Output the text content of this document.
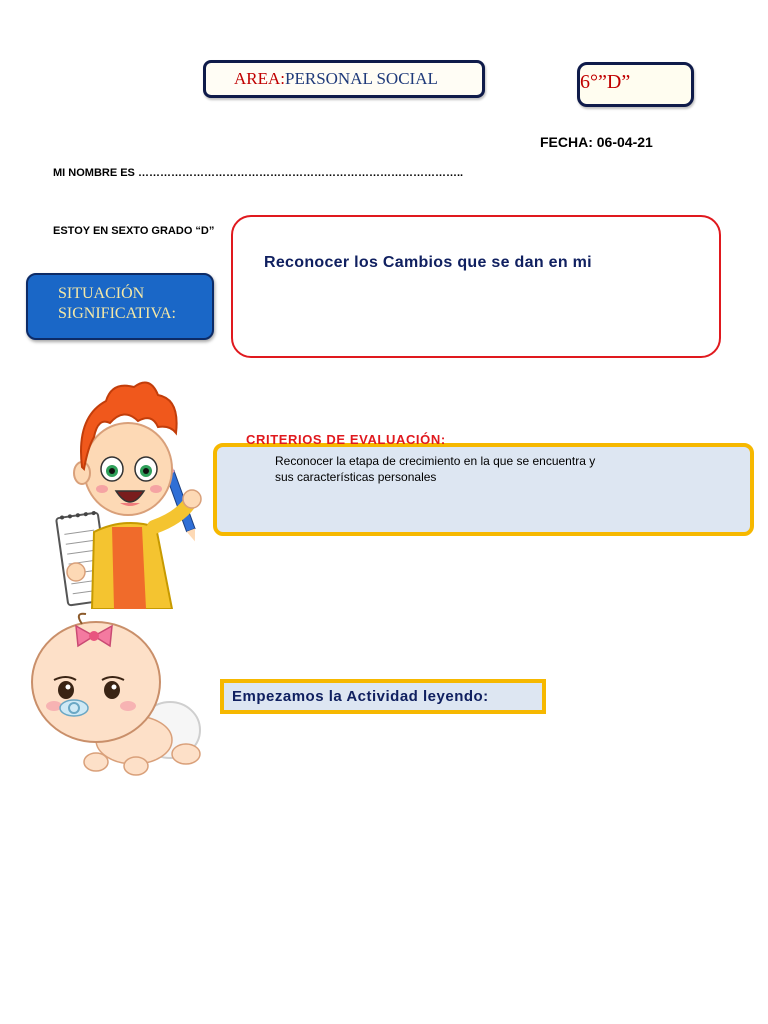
AREA : PERSONAL SOCIAL	6°”D”
FECHA: 06-04-21
MI NOMBRE ES ……………………………………………………………………………..
ESTOY EN SEXTO GRADO “D”
SITUACIÓN
SIGNIFICATIVA:
Reconocer los Cambios que se dan en mi
Reconocer la etapa de crecimiento en la que se encuentra y
sus características personales
CRITERIOS DE EVALUACIÓN:
Empezamos la Actividad leyendo:
